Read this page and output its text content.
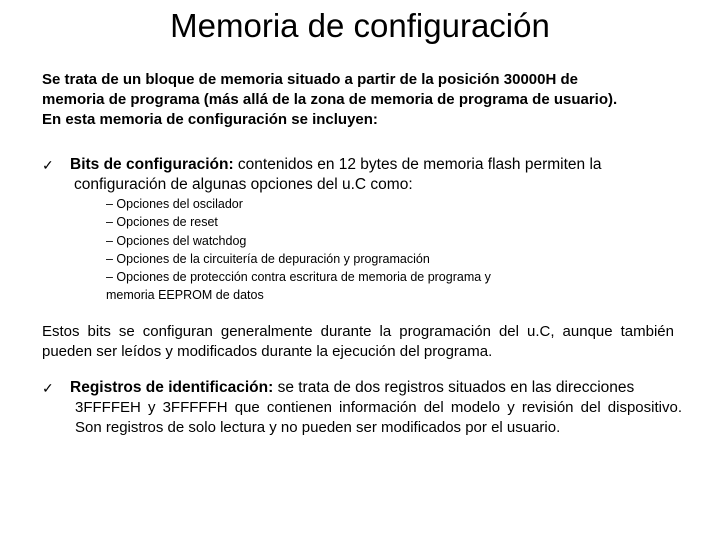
Memoria de configuración

Se trata de un bloque de memoria situado a partir de la posición 30000H de

memoria de programa (más allá de la zona de memoria de programa de usuario).

En esta memoria de configuración se incluyen:

✓ Bits de configuración: contenidos en 12 bytes de memoria flash permiten la
configuración de algunas opciones del u.C como:
– Opciones del oscilador
– Opciones de reset
– Opciones del watchdog
– Opciones de la circuitería de depuración y programación
– Opciones de protección contra escritura de memoria de programa y
memoria EEPROM de datos
Estos bits se configuran generalmente durante la programación del u.C, aunque también
pueden ser leídos y modificados durante la ejecución del programa.
✓ Registros de identificación: se trata de dos registros situados en las direcciones
3FFFFEH y 3FFFFFH que contienen información del modelo y revisión del dispositivo.
Son registros de solo lectura y no pueden ser modificados por el usuario.
